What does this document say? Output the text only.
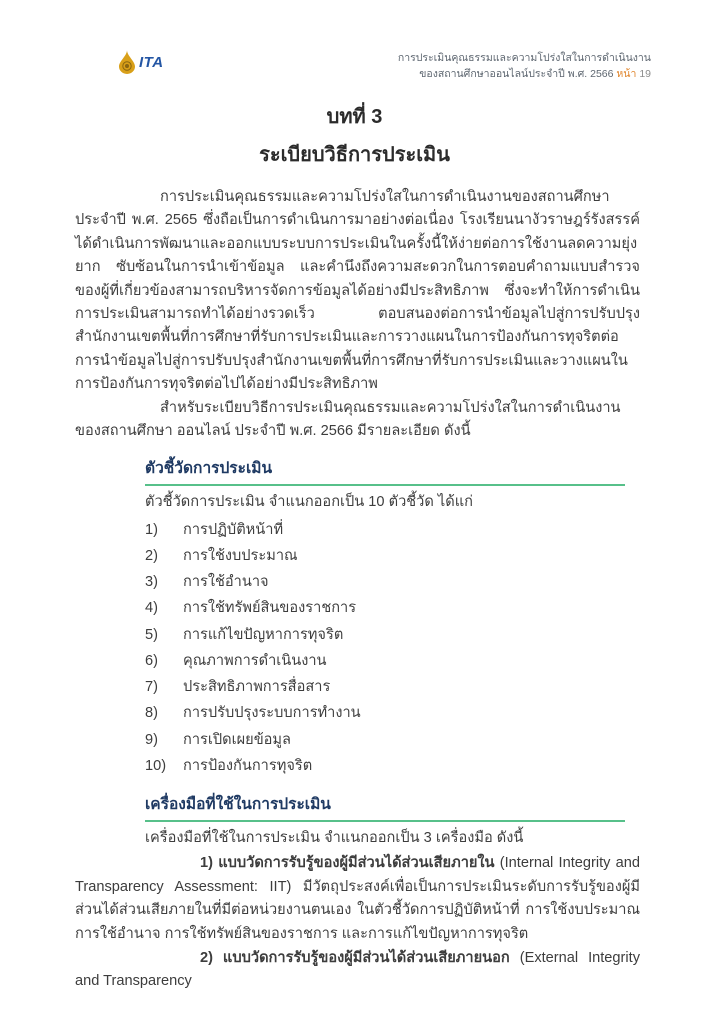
ITA	การประเมินคุณธรรมและความโปร่งใสในการดำเนินงาน
ของสถานศึกษาออนไลน์ประจำปี พ.ศ. 2566 หน้า 19
บทที่ 3
ระเบียบวิธีการประเมิน

การประเมินคุณธรรมและความโปร่งใสในการดำเนินงานของสถานศึกษา ประจำปี พ.ศ. 2565 ซึ่งถือเป็นการดำเนินการมาอย่างต่อเนื่อง โรงเรียนนางัวราษฎร์รังสรรค์ ได้ดำเนินการพัฒนาและออกแบบระบบการประเมินในครั้งนี้ให้ง่ายต่อการใช้งานลดความยุ่งยาก ซับซ้อนในการนำเข้าข้อมูล และคำนึงถึงความสะดวกในการตอบคำถามแบบสำรวจของผู้ที่เกี่ยวข้องสามารถบริหารจัดการข้อมูลได้อย่างมีประสิทธิภาพ ซึ่งจะทำให้การดำเนินการประเมินสามารถทำได้อย่างรวดเร็ว ตอบสนองต่อการนำข้อมูลไปสู่การปรับปรุงสำนักงานเขตพื้นที่การศึกษาที่รับการประเมินและการวางแผนในการป้องกันการทุจริตต่อการนำข้อมูลไปสู่การปรับปรุงสำนักงานเขตพื้นที่การศึกษาที่รับการประเมินและวางแผนในการป้องกันการทุจริตต่อไปได้อย่างมีประสิทธิภาพ

สำหรับระเบียบวิธีการประเมินคุณธรรมและความโปร่งใสในการดำเนินงานของสถานศึกษา ออนไลน์ ประจำปี พ.ศ. 2566 มีรายละเอียด ดังนี้

ตัวชี้วัดการประเมิน
ตัวชี้วัดการประเมิน จำแนกออกเป็น 10 ตัวชี้วัด ได้แก่
1)	การปฏิบัติหน้าที่
2)	การใช้งบประมาณ
3)	การใช้อำนาจ
4)	การใช้ทรัพย์สินของราชการ
5)	การแก้ไขปัญหาการทุจริต
6)	คุณภาพการดำเนินงาน
7)	ประสิทธิภาพการสื่อสาร
8)	การปรับปรุงระบบการทำงาน
9)	การเปิดเผยข้อมูล
10)	การป้องกันการทุจริต
เครื่องมือที่ใช้ในการประเมิน
เครื่องมือที่ใช้ในการประเมิน จำแนกออกเป็น 3 เครื่องมือ ดังนี้

1) แบบวัดการรับรู้ของผู้มีส่วนได้ส่วนเสียภายใน (Internal Integrity and Transparency Assessment: IIT) มีวัตถุประสงค์เพื่อเป็นการประเมินระดับการรับรู้ของผู้มีส่วนได้ส่วนเสียภายในที่มีต่อหน่วยงานตนเอง ในตัวชี้วัดการปฏิบัติหน้าที่ การใช้งบประมาณ การใช้อำนาจ การใช้ทรัพย์สินของราชการ และการแก้ไขปัญหาการทุจริต

2) แบบวัดการรับรู้ของผู้มีส่วนได้ส่วนเสียภายนอก (External Integrity and Transparency
